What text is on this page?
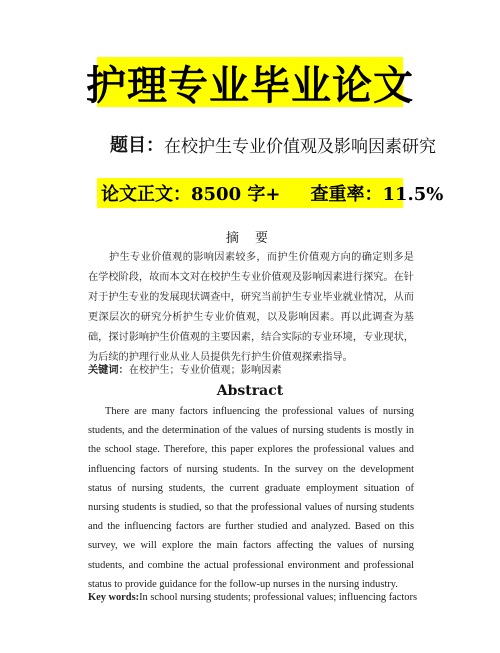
护理专业毕业论文
题目： 在校护生专业价值观及影响因素研究
论文正文：8500 字+ 查重率：11.5%
摘 要
护生专业价值观的影响因素较多，而护生价值观方向的确定则多是在学校阶段，故而本文对在校护生专业价值观及影响因素进行探究。在针对于护生专业的发展现状调查中，研究当前护生专业毕业就业情况，从而更深层次的研究分析护生专业价值观，以及影响因素。再以此调查为基础，探讨影响护生价值观的主要因素，结合实际的专业环境，专业现状，为后续的护理行业从业人员提供先行护生价值观探索指导。
关键词：在校护生；专业价值观；影响因素
Abstract
There are many factors influencing the professional values of nursing students, and the determination of the values of nursing students is mostly in the school stage. Therefore, this paper explores the professional values and influencing factors of nursing students. In the survey on the development status of nursing students, the current graduate employment situation of nursing students is studied, so that the professional values of nursing students and the influencing factors are further studied and analyzed. Based on this survey, we will explore the main factors affecting the values of nursing students, and combine the actual professional environment and professional status to provide guidance for the follow-up nurses in the nursing industry.
Key words:In school nursing students; professional values; influencing factors
